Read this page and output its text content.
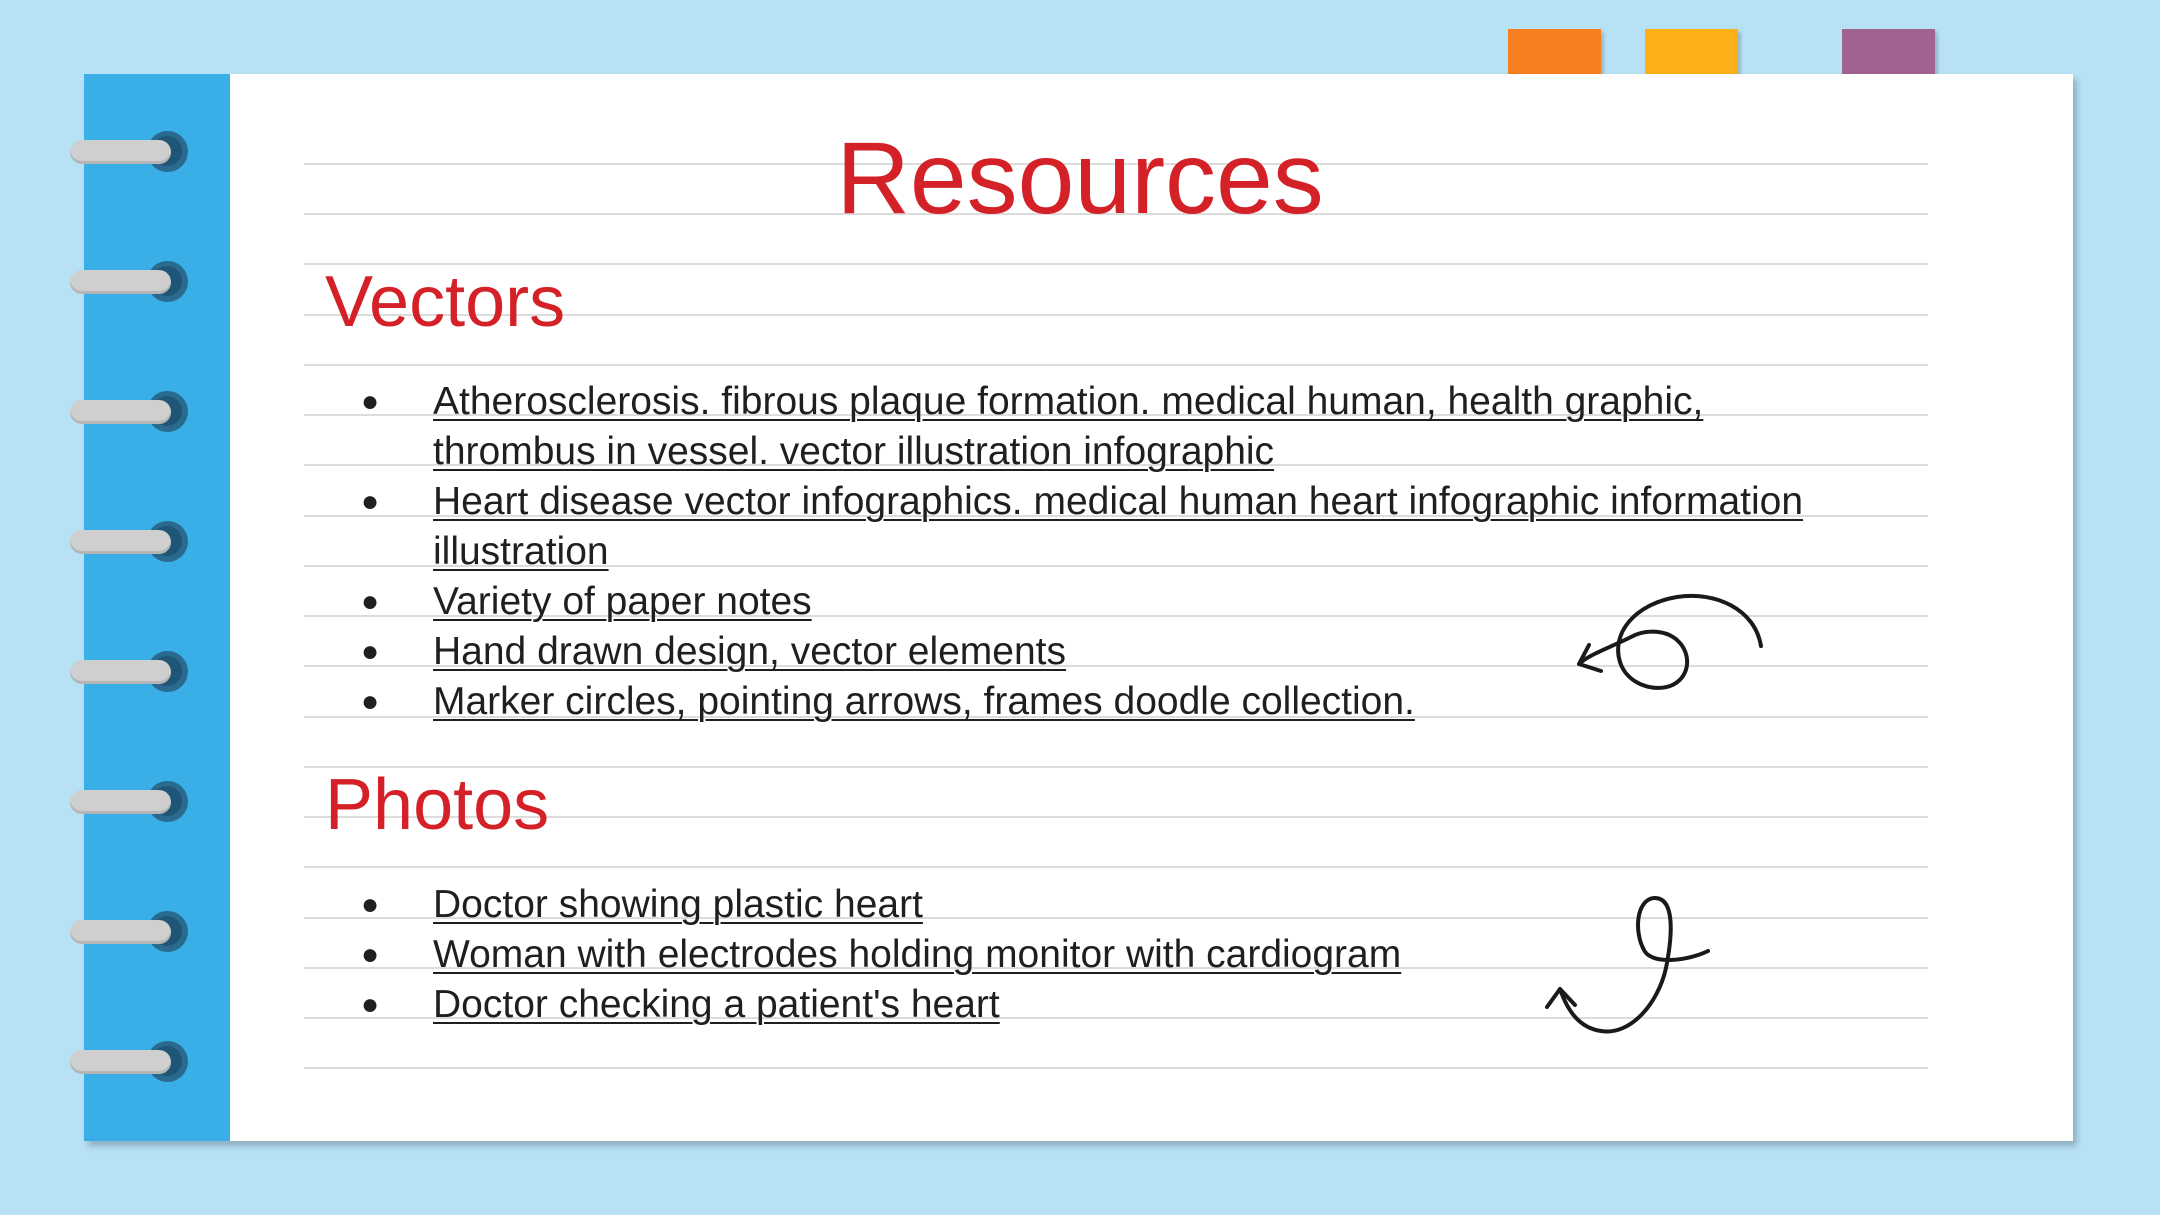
Resources
Vectors
● Atherosclerosis. fibrous plaque formation. medical human, health graphic, thrombus in vessel. vector illustration infographic
● Heart disease vector infographics. medical human heart infographic information illustration
● Variety of paper notes
● Hand drawn design, vector elements
● Marker circles, pointing arrows, frames doodle collection.
Photos
● Doctor showing plastic heart
● Woman with electrodes holding monitor with cardiogram
● Doctor checking a patient's heart
